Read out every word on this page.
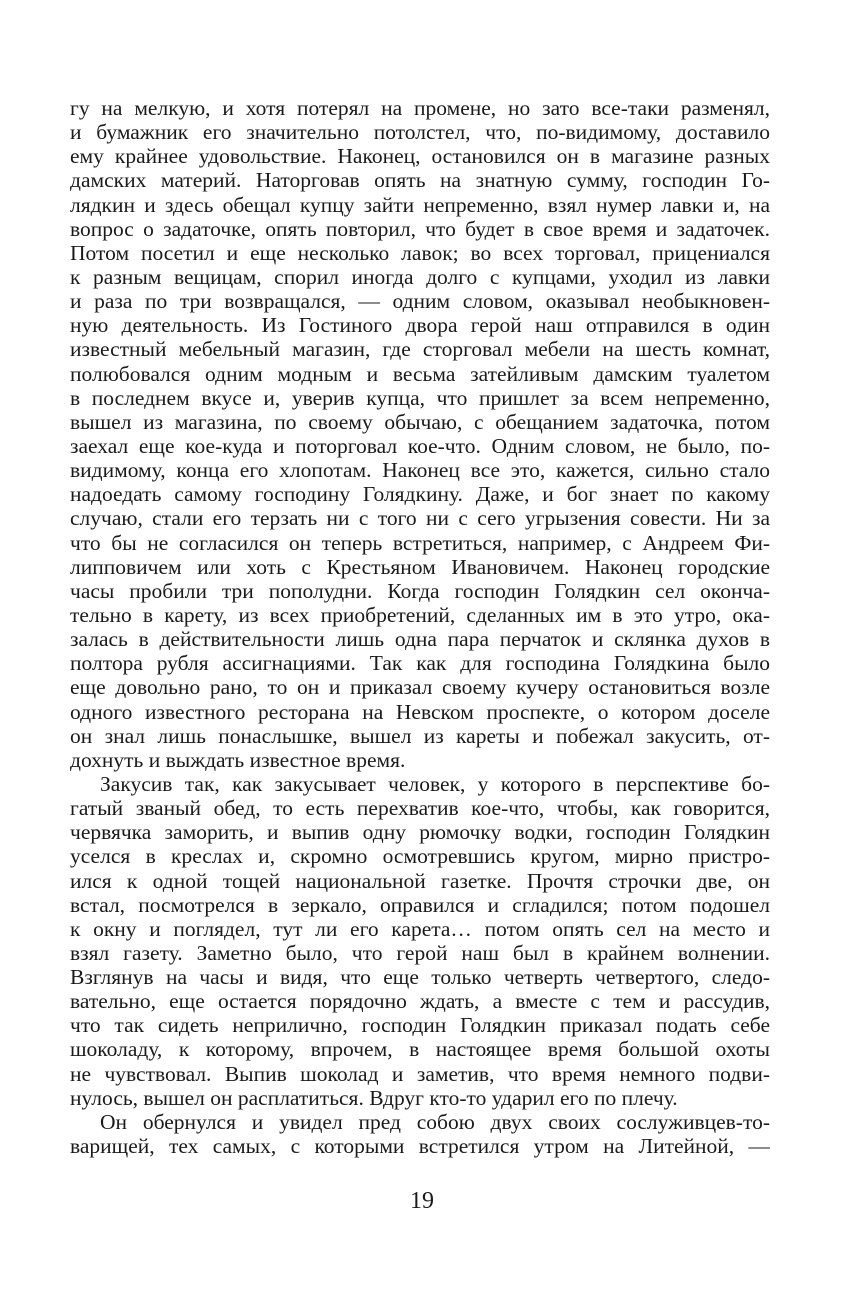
гу на мелкую, и хотя потерял на промене, но зато все-таки разменял,
и бумажник его значительно потолстел, что, по-видимому, доставило
ему крайнее удовольствие. Наконец, остановился он в магазине разных
дамских материй. Наторговав опять на знатную сумму, господин Го-
лядкин и здесь обещал купцу зайти непременно, взял нумер лавки и, на
вопрос о задаточке, опять повторил, что будет в свое время и задаточек.
Потом посетил и еще несколько лавок; во всех торговал, прицениался
к разным вещицам, спорил иногда долго с купцами, уходил из лавки
и раза по три возвращался, — одним словом, оказывал необыкновен-
ную деятельность. Из Гостиного двора герой наш отправился в один
известный мебельный магазин, где сторговал мебели на шесть комнат,
полюбовался одним модным и весьма затейливым дамским туалетом
в последнем вкусе и, уверив купца, что пришлет за всем непременно,
вышел из магазина, по своему обычаю, с обещанием задаточка, потом
заехал еще кое-куда и поторговал кое-что. Одним словом, не было, по-
видимому, конца его хлопотам. Наконец все это, кажется, сильно стало
надоедать самому господину Голядкину. Даже, и бог знает по какому
случаю, стали его терзать ни с того ни с сего угрызения совести. Ни за
что бы не согласился он теперь встретиться, например, с Андреем Фи-
липповичем или хоть с Крестьяном Ивановичем. Наконец городские
часы пробили три пополудни. Когда господин Голядкин сел оконча-
тельно в карету, из всех приобретений, сделанных им в это утро, ока-
залась в действительности лишь одна пара перчаток и склянка духов в
полтора рубля ассигнациями. Так как для господина Голядкина было
еще довольно рано, то он и приказал своему кучеру остановиться возле
одного известного ресторана на Невском проспекте, о котором доселе
он знал лишь понаслышке, вышел из кареты и побежал закусить, от-
дохнуть и выждать известное время.
Закусив так, как закусывает человек, у которого в перспективе бо-
гатый званый обед, то есть перехватив кое-что, чтобы, как говорится,
червячка заморить, и выпив одну рюмочку водки, господин Голядкин
уселся в креслах и, скромно осмотревшись кругом, мирно пристро-
ился к одной тощей национальной газетке. Прочтя строчки две, он
встал, посмотрелся в зеркало, оправился и сгладился; потом подошел
к окну и поглядел, тут ли его карета… потом опять сел на место и
взял газету. Заметно было, что герой наш был в крайнем волнении.
Взглянув на часы и видя, что еще только четверть четвертого, следо-
вательно, еще остается порядочно ждать, а вместе с тем и рассудив,
что так сидеть неприлично, господин Голядкин приказал подать себе
шоколаду, к которому, впрочем, в настоящее время большой охоты
не чувствовал. Выпив шоколад и заметив, что время немного подви-
нулось, вышел он расплатиться. Вдруг кто-то ударил его по плечу.
Он обернулся и увидел пред собою двух своих сослуживцев-то-
варищей, тех самых, с которыми встретился утром на Литейной, —
19
